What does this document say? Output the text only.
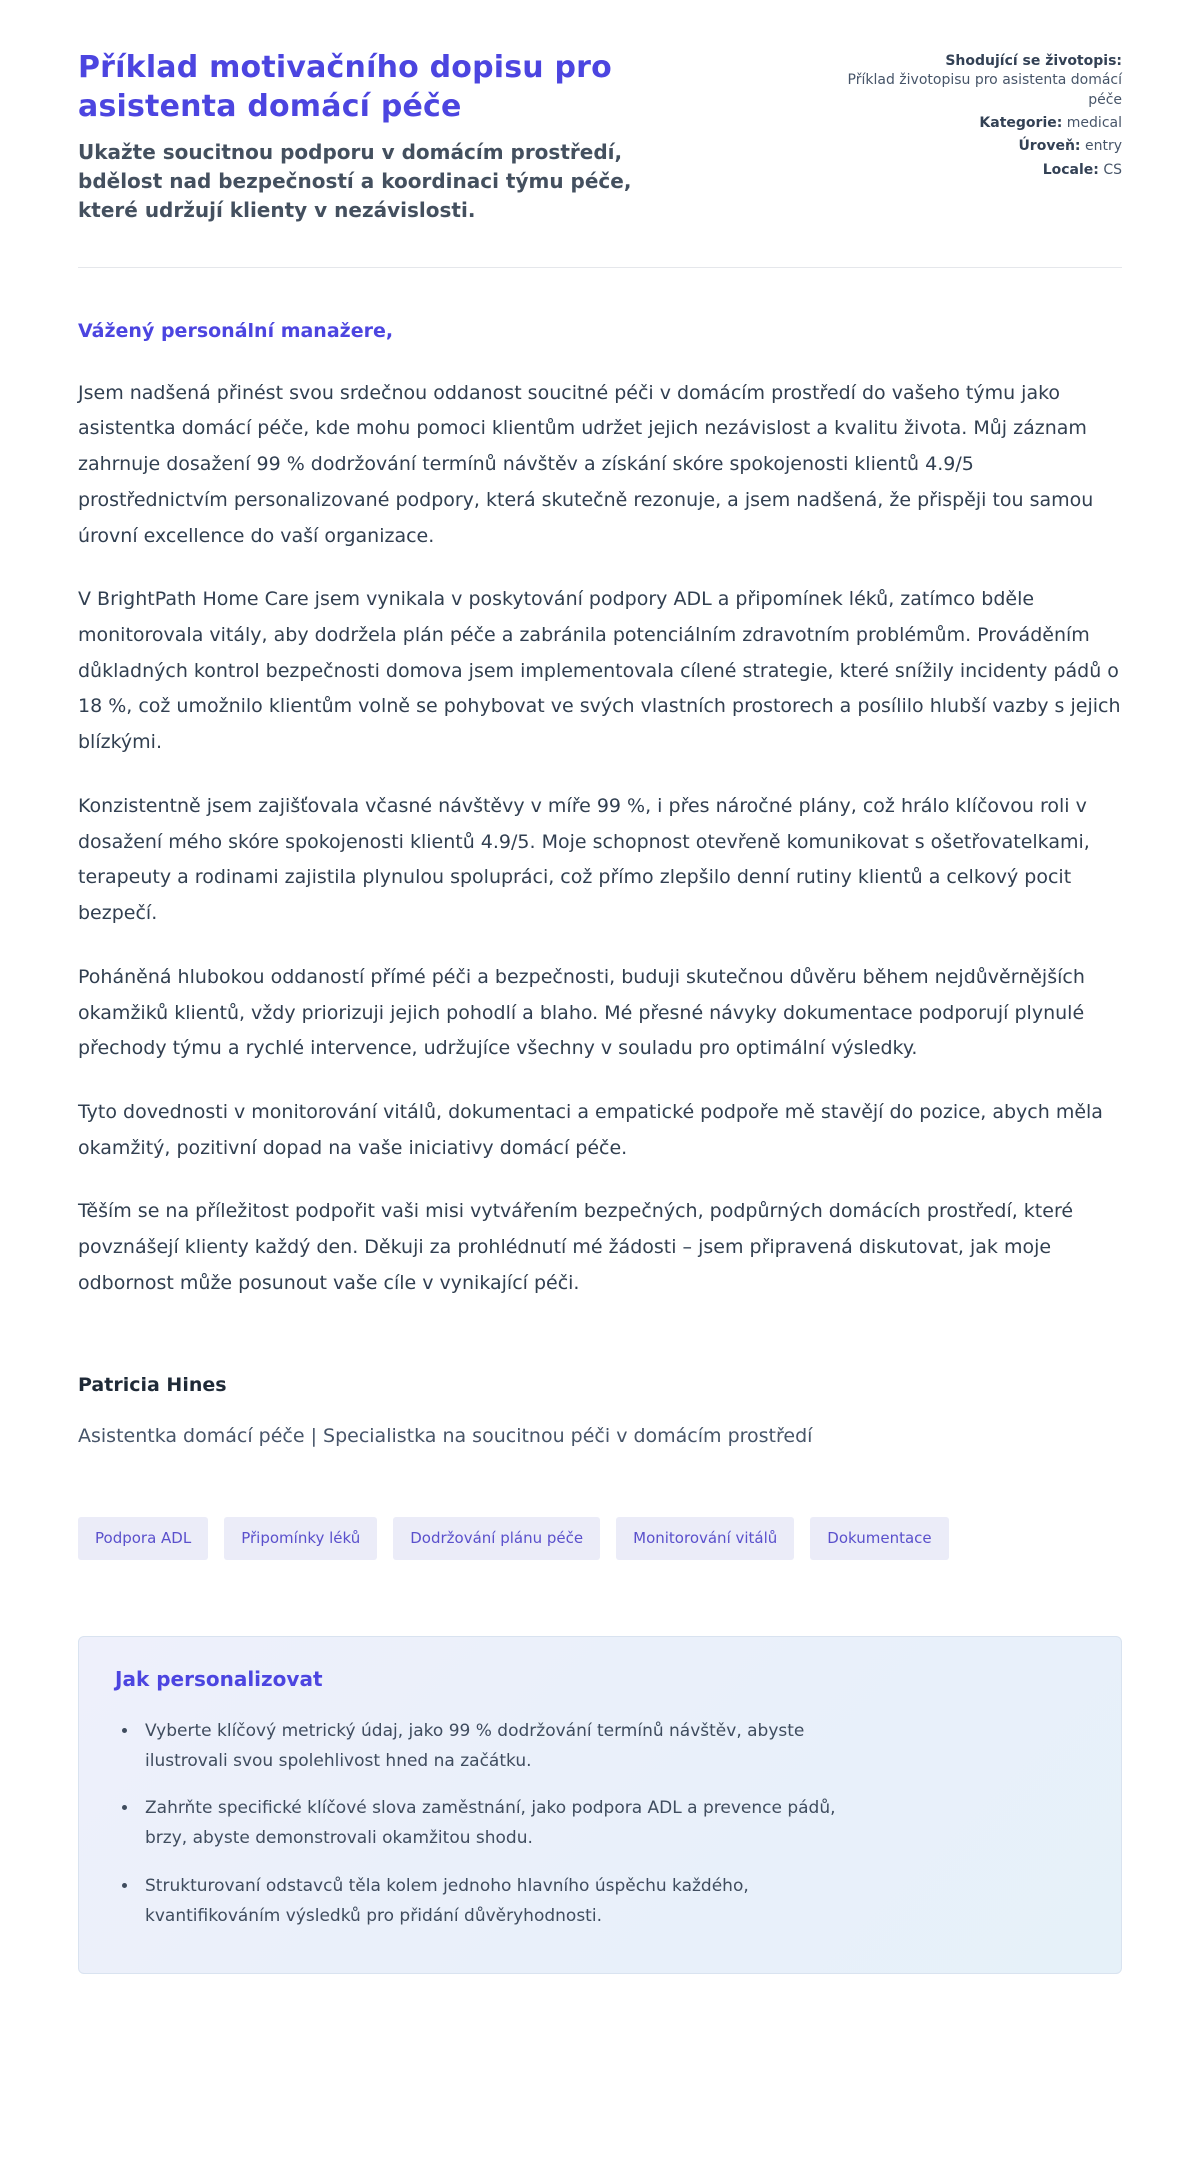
Příklad motivačního dopisu pro asistenta domácí péče

Ukažte soucitnou podporu v domácím prostředí, bdělost nad bezpečností a koordinaci týmu péče, které udržují klienty v nezávislosti.

Shodující se životopis:
Příklad životopisu pro asistenta domácí péče
Kategorie: medical
Úroveň: entry
Locale: CS

Vážený personální manažere,

Jsem nadšená přinést svou srdečnou oddanost soucitné péči v domácím prostředí do vašeho týmu jako asistentka domácí péče, kde mohu pomoci klientům udržet jejich nezávislost a kvalitu života. Můj záznam zahrnuje dosažení 99 % dodržování termínů návštěv a získání skóre spokojenosti klientů 4.9/5 prostřednictvím personalizované podpory, která skutečně rezonuje, a jsem nadšená, že přispěji tou samou úrovní excellence do vaší organizace.

V BrightPath Home Care jsem vynikala v poskytování podpory ADL a připomínek léků, zatímco bděle monitorovala vitály, aby dodržela plán péče a zabránila potenciálním zdravotním problémům. Prováděním důkladných kontrol bezpečnosti domova jsem implementovala cílené strategie, které snížily incidenty pádů o 18 %, což umožnilo klientům volně se pohybovat ve svých vlastních prostorech a posílilo hlubší vazby s jejich blízkými.

Konzistentně jsem zajišťovala včasné návštěvy v míře 99 %, i přes náročné plány, což hrálo klíčovou roli v dosažení mého skóre spokojenosti klientů 4.9/5. Moje schopnost otevřeně komunikovat s ošetřovatelkami, terapeuty a rodinami zajistila plynulou spolupráci, což přímo zlepšilo denní rutiny klientů a celkový pocit bezpečí.

Poháněná hlubokou oddaností přímé péči a bezpečnosti, buduji skutečnou důvěru během nejdůvěrnějších okamžiků klientů, vždy priorizuji jejich pohodlí a blaho. Mé přesné návyky dokumentace podporují plynulé přechody týmu a rychlé intervence, udržujíce všechny v souladu pro optimální výsledky.

Tyto dovednosti v monitorování vitálů, dokumentaci a empatické podpoře mě stavějí do pozice, abych měla okamžitý, pozitivní dopad na vaše iniciativy domácí péče.

Těším se na příležitost podpořit vaši misi vytvářením bezpečných, podpůrných domácích prostředí, které povznášejí klienty každý den. Děkuji za prohlédnutí mé žádosti – jsem připravená diskutovat, jak moje odbornost může posunout vaše cíle v vynikající péči.

Patricia Hines

Asistentka domácí péče | Specialistka na soucitnou péči v domácím prostředí

Podpora ADL	Připomínky léků	Dodržování plánu péče	Monitorování vitálů	Dokumentace
Jak personalizovat
• Vyberte klíčový metrický údaj, jako 99 % dodržování termínů návštěv, abyste ilustrovali svou spolehlivost hned na začátku.
• Zahrňte specifické klíčové slova zaměstnání, jako podpora ADL a prevence pádů, brzy, abyste demonstrovali okamžitou shodu.
• Strukturovaní odstavců těla kolem jednoho hlavního úspěchu každého, kvantifikováním výsledků pro přidání důvěryhodnosti.
